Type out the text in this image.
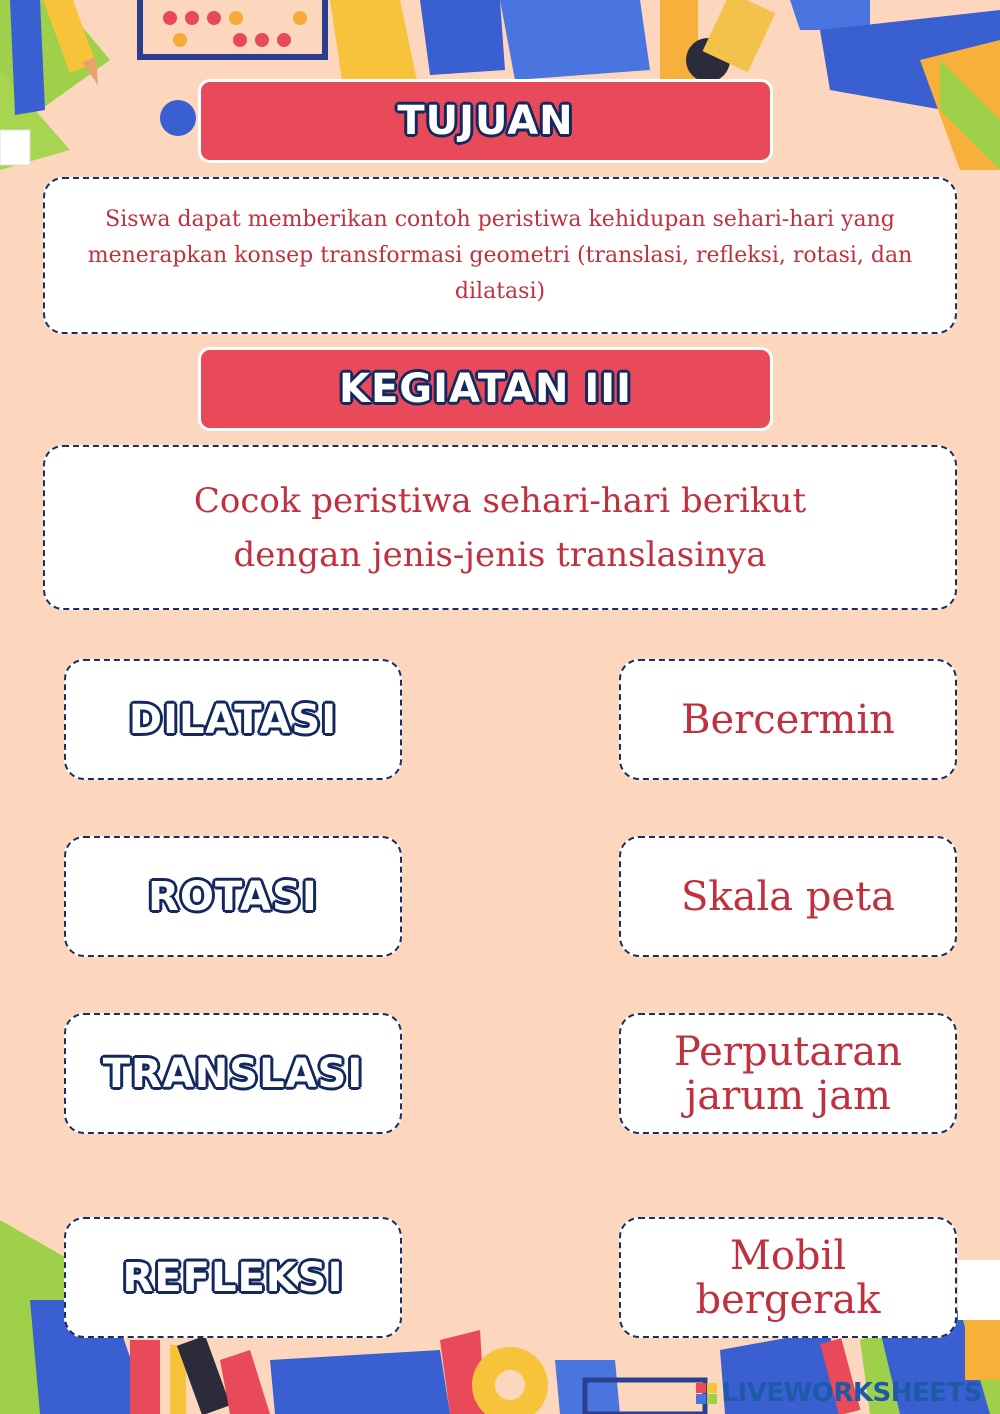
TUJUAN
Siswa dapat memberikan contoh peristiwa kehidupan sehari-hari yang menerapkan konsep transformasi geometri (translasi, refleksi, rotasi, dan dilatasi)
KEGIATAN III
Cocok peristiwa sehari-hari berikut dengan jenis-jenis translasinya
DILATASI
ROTASI
TRANSLASI
REFLEKSI
Bercermin
Skala peta
Perputaran jarum jam
Mobil bergerak
LIVEWORKSHEETS
